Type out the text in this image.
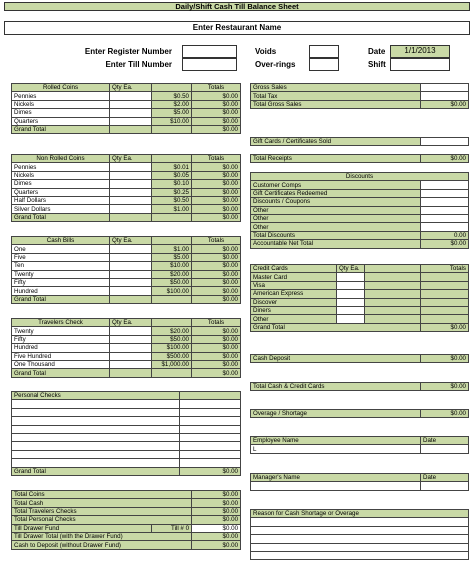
Daily/Shift Cash Till Balance Sheet
Enter Restaurant Name
Enter Register Number
Enter Till Number
Voids
Over-rings
Date	1/1/2013
Shift
Rolled Coins	Qty Ea.		Totals
Pennies		$0.50	$0.00
Nickels		$2.00	$0.00
Dimes		$5.00	$0.00
Quarters		$10.00	$0.00
Grand Total			$0.00
Non Rolled Coins	Qty Ea.		Totals
Pennies		$0.01	$0.00
Nickels		$0.05	$0.00
Dimes		$0.10	$0.00
Quarters		$0.25	$0.00
Half Dollars		$0.50	$0.00
Silver Dollars		$1.00	$0.00
Grand Total			$0.00
Cash Bills	Qty Ea.		Totals
One		$1.00	$0.00
Five		$5.00	$0.00
Ten		$10.00	$0.00
Twenty		$20.00	$0.00
Fifty		$50.00	$0.00
Hundred		$100.00	$0.00
Grand Total			$0.00
Travelers Check	Qty Ea.		Totals
Twenty		$20.00	$0.00
Fifty		$50.00	$0.00
Hundred		$100.00	$0.00
Five Hundred		$500.00	$0.00
One Thousand		$1,000.00	$0.00
Grand Total			$0.00
Personal Checks	

Grand Total	$0.00
Total Coins		$0.00
Total Cash		$0.00
Total Travelers Checks		$0.00
Total Personal Checks		$0.00
Till Drawer Fund	Till # 0	$0.00
Till Drawer Total (with the Drawer Fund)		$0.00
Cash to Deposit (without Drawer Fund)		$0.00
Gross Sales	
Total Tax	
Total Gross Sales	$0.00
Gift Cards / Certificates Sold	
Total Receipts	$0.00
Discounts	
Customer Comps	
Gift Certificates Redeemed	
Discounts / Coupons	
Other	
Other	
Other	
Total Discounts	0.00
Accountable Net Total	$0.00
Credit Cards	Qty Ea.		Totals
Master Card			
Visa			
American Express			
Discover			
Diners			
Other			
Grand Total			$0.00
Cash Deposit	$0.00
Total Cash & Credit Cards	$0.00
Overage / Shortage	$0.00
Employee Name	Date
L	
Manager's Name	Date

Reason for Cash Shortage or Overage
